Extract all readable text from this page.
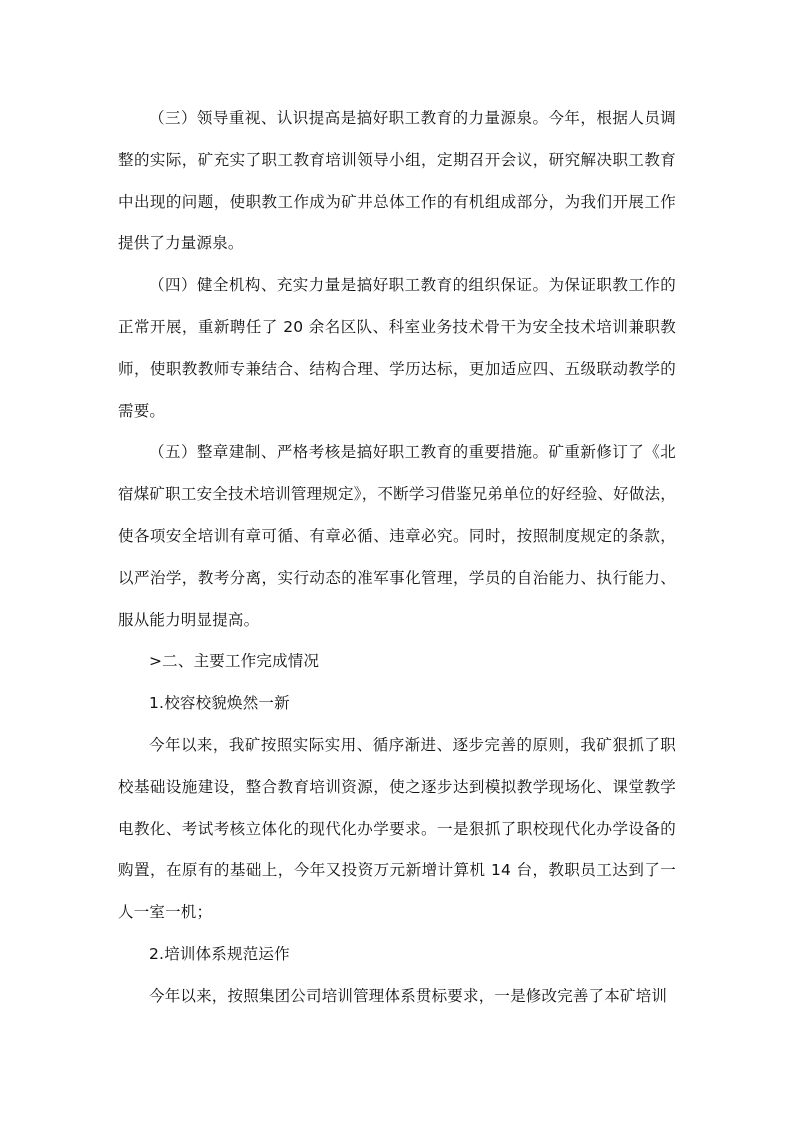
（三）领导重视、认识提高是搞好职工教育的力量源泉。今年，根据人员调整的实际，矿充实了职工教育培训领导小组，定期召开会议，研究解决职工教育中出现的问题，使职教工作成为矿井总体工作的有机组成部分，为我们开展工作提供了力量源泉。

（四）健全机构、充实力量是搞好职工教育的组织保证。为保证职教工作的正常开展，重新聘任了 20 余名区队、科室业务技术骨干为安全技术培训兼职教师，使职教教师专兼结合、结构合理、学历达标，更加适应四、五级联动教学的需要。

（五）整章建制、严格考核是搞好职工教育的重要措施。矿重新修订了《北宿煤矿职工安全技术培训管理规定》，不断学习借鉴兄弟单位的好经验、好做法，使各项安全培训有章可循、有章必循、违章必究。同时，按照制度规定的条款，以严治学，教考分离，实行动态的准军事化管理，学员的自治能力、执行能力、服从能力明显提高。

>二、主要工作完成情况

1.校容校貌焕然一新

今年以来，我矿按照实际实用、循序渐进、逐步完善的原则，我矿狠抓了职校基础设施建设，整合教育培训资源，使之逐步达到模拟教学现场化、课堂教学电教化、考试考核立体化的现代化办学要求。一是狠抓了职校现代化办学设备的购置，在原有的基础上，今年又投资万元新增计算机 14 台，教职员工达到了一人一室一机；

2.培训体系规范运作

今年以来，按照集团公司培训管理体系贯标要求，一是修改完善了本矿培训
